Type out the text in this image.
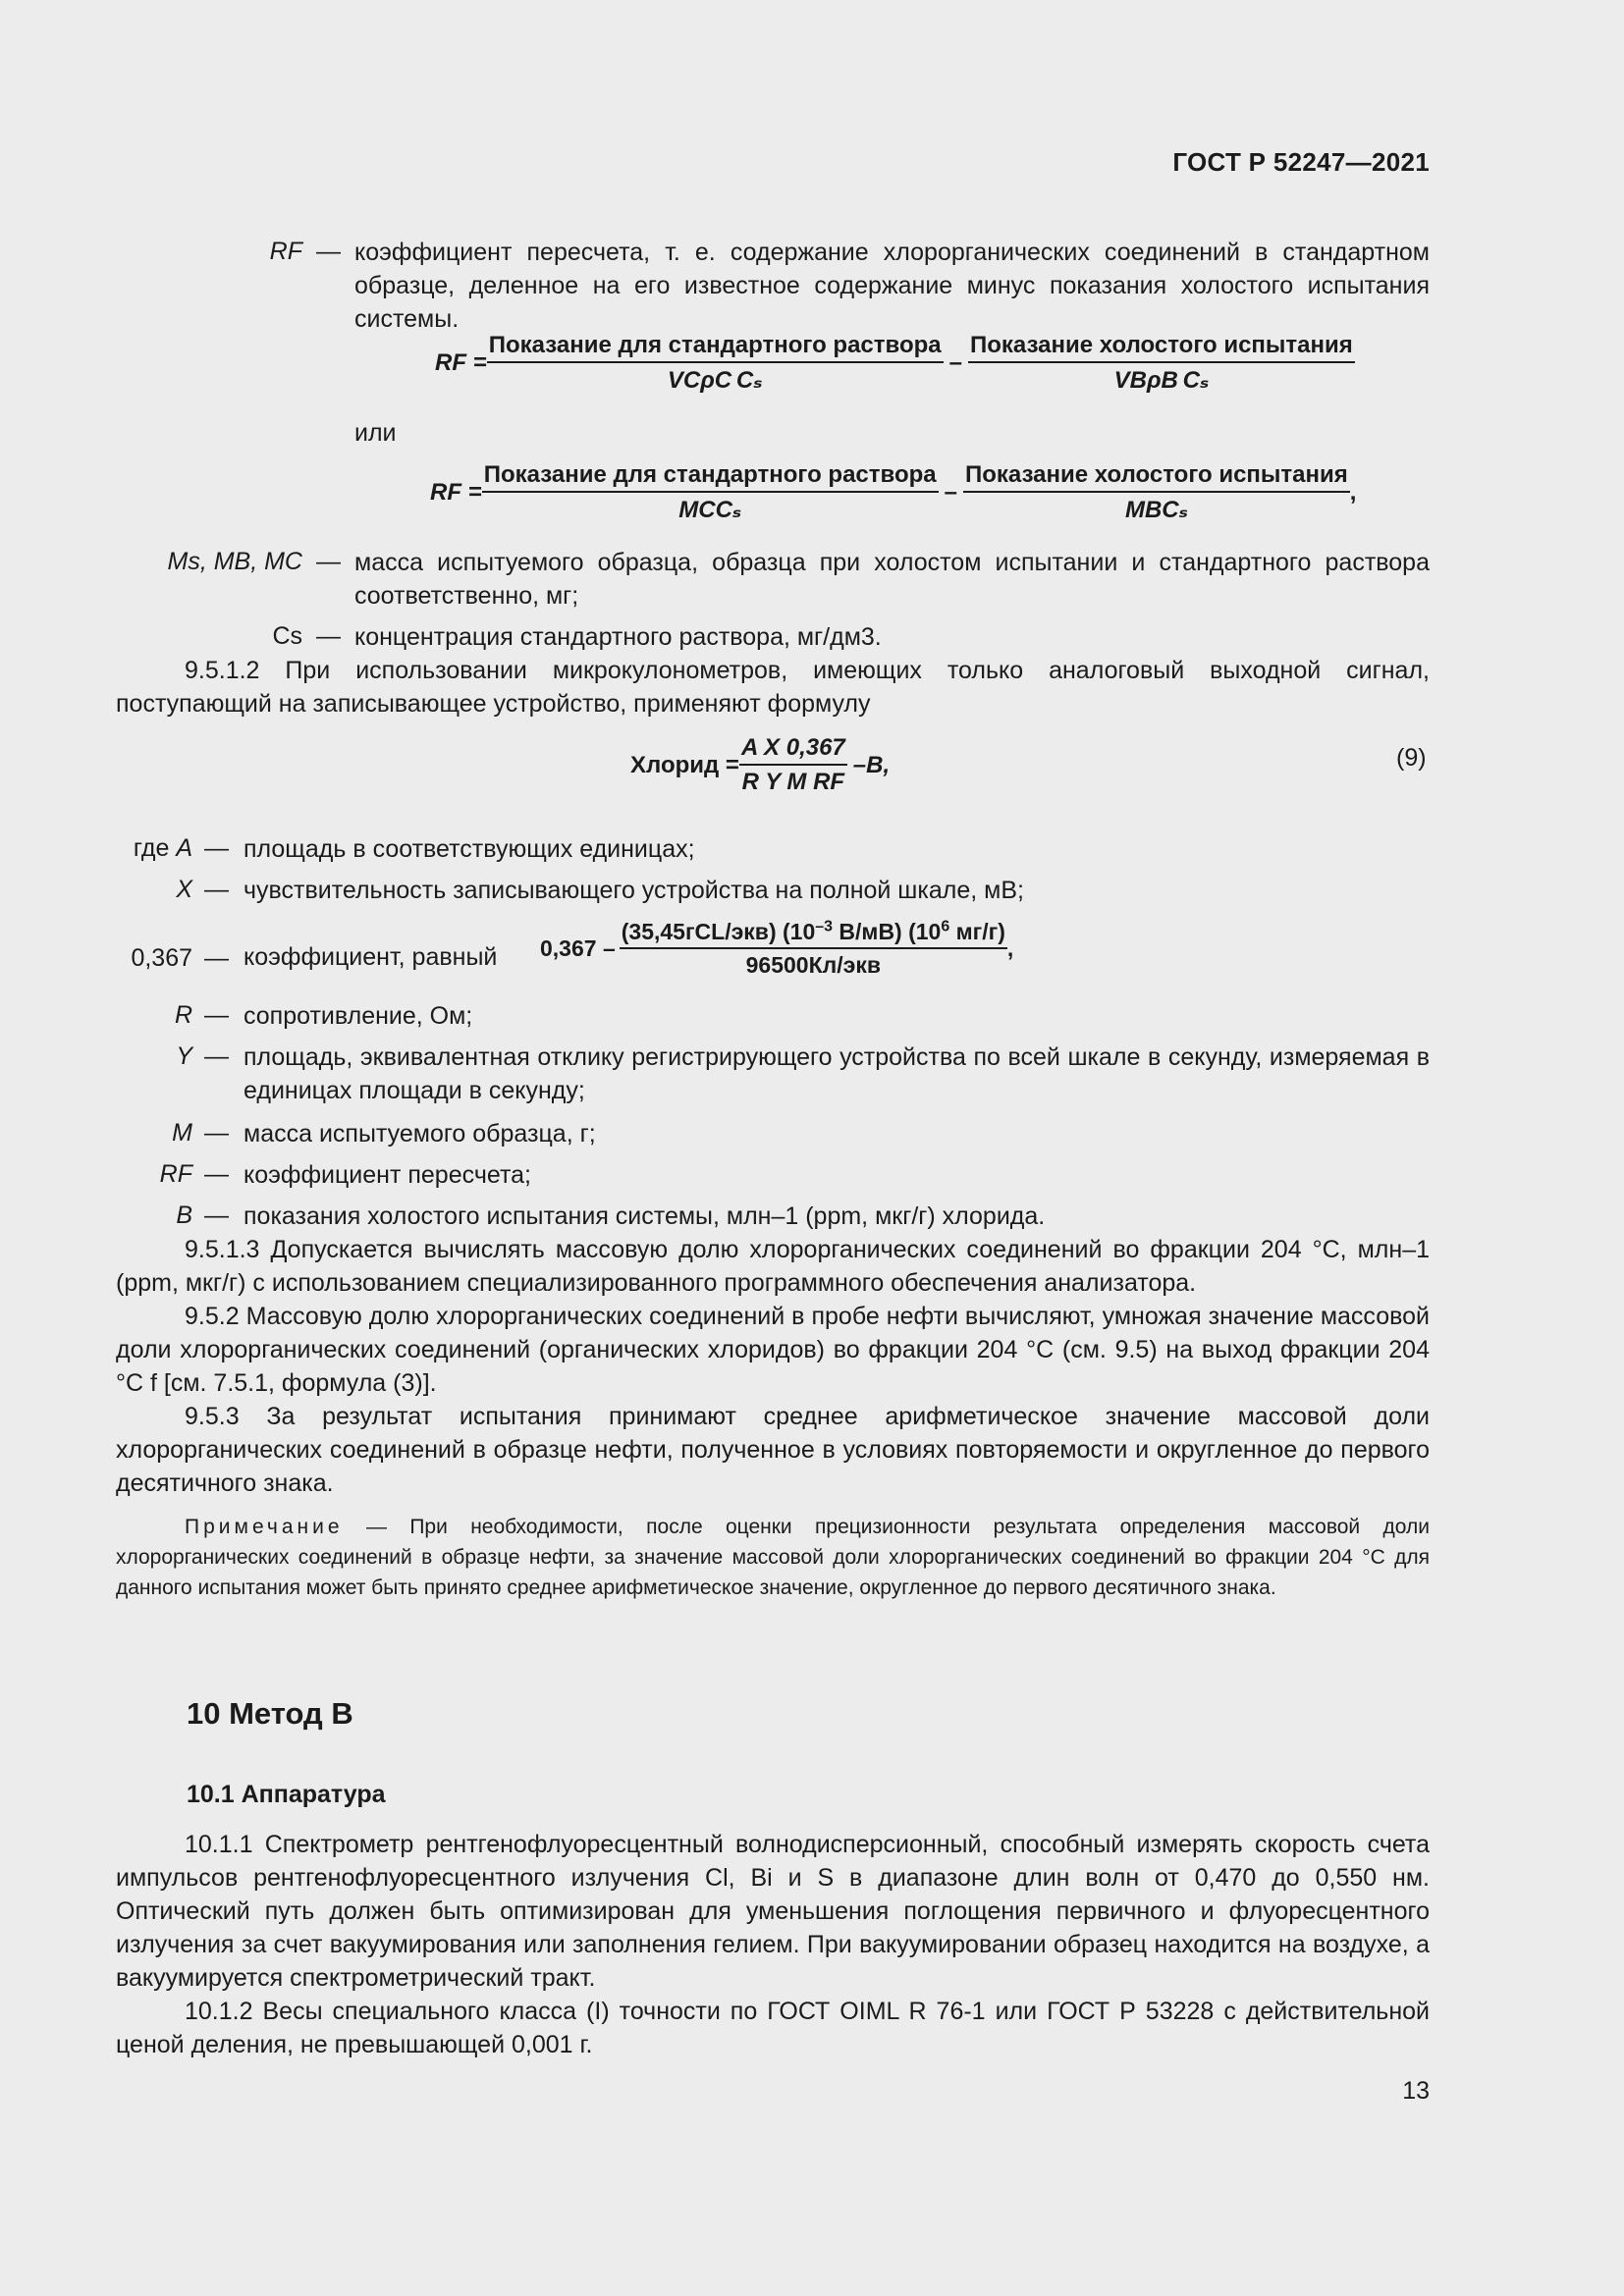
ГОСТ Р 52247—2021
RF — коэффициент пересчета, т. е. содержание хлорорганических соединений в стандартном образце, деленное на его известное содержание минус показания холостого испытания системы.
RF = $\frac{\text{Показание для стандартного раствора}}{\text{VСρС Cₛ}} - \frac{\text{Показание холостого испытания}}{\text{VВρВ Cₛ}}$
или
RF = $\frac{\text{Показание для стандартного раствора}}{\text{MСCₛ}} - \frac{\text{Показание холостого испытания}}{\text{MВCₛ}}$ ,
Ms, MB, MC — масса испытуемого образца, образца при холостом испытании и стандартного раствора соответственно, мг;
Cs — концентрация стандартного раствора, мг/дм3.
9.5.1.2 При использовании микрокулонометров, имеющих только аналоговый выходной сигнал, поступающий на записывающее устройство, применяют формулу
Хлорид = $\frac{\text{A X 0,367}}{\text{R Y M RF}} -B$,	(9)
где A — площадь в соответствующих единицах;
X — чувствительность записывающего устройства на полной шкале, мВ;
0,367 — коэффициент, равный $0,367 - \frac{(35,45гCL/экв) (10^{-3} В/мВ) (10^6 мг/г)}{\text{96500Кл/экв}}$ ,
R — сопротивление, Ом;
Y — площадь, эквивалентная отклику регистрирующего устройства по всей шкале в секунду, измеряемая в единицах площади в секунду;
M — масса испытуемого образца, г;
RF — коэффициент пересчета;
B — показания холостого испытания системы, млн–1 (ppm, мкг/г) хлорида.
9.5.1.3 Допускается вычислять массовую долю хлорорганических соединений во фракции 204 °С, млн–1 (ppm, мкг/г) с использованием специализированного программного обеспечения анализатора.
9.5.2 Массовую долю хлорорганических соединений в пробе нефти вычисляют, умножая значение массовой доли хлорорганических соединений (органических хлоридов) во фракции 204 °С (см. 9.5) на выход фракции 204 °С f [см. 7.5.1, формула (3)].
9.5.3 За результат испытания принимают среднее арифметическое значение массовой доли хлорорганических соединений в образце нефти, полученное в условиях повторяемости и округленное до первого десятичного знака.
Примечание — При необходимости, после оценки прецизионности результата определения массовой доли хлорорганических соединений в образце нефти, за значение массовой доли хлорорганических соединений во фракции 204 °С для данного испытания может быть принято среднее арифметическое значение, округленное до первого десятичного знака.
10 Метод В
10.1 Аппаратура
10.1.1 Спектрометр рентгенофлуоресцентный волнодисперсионный, способный измерять скорость счета импульсов рентгенофлуоресцентного излучения Cl, Bi и S в диапазоне длин волн от 0,470 до 0,550 нм. Оптический путь должен быть оптимизирован для уменьшения поглощения первичного и флуоресцентного излучения за счет вакуумирования или заполнения гелием. При вакуумировании образец находится на воздухе, а вакуумируется спектрометрический тракт.
10.1.2 Весы специального класса (I) точности по ГОСТ OIML R 76-1 или ГОСТ Р 53228 с действительной ценой деления, не превышающей 0,001 г.
13
